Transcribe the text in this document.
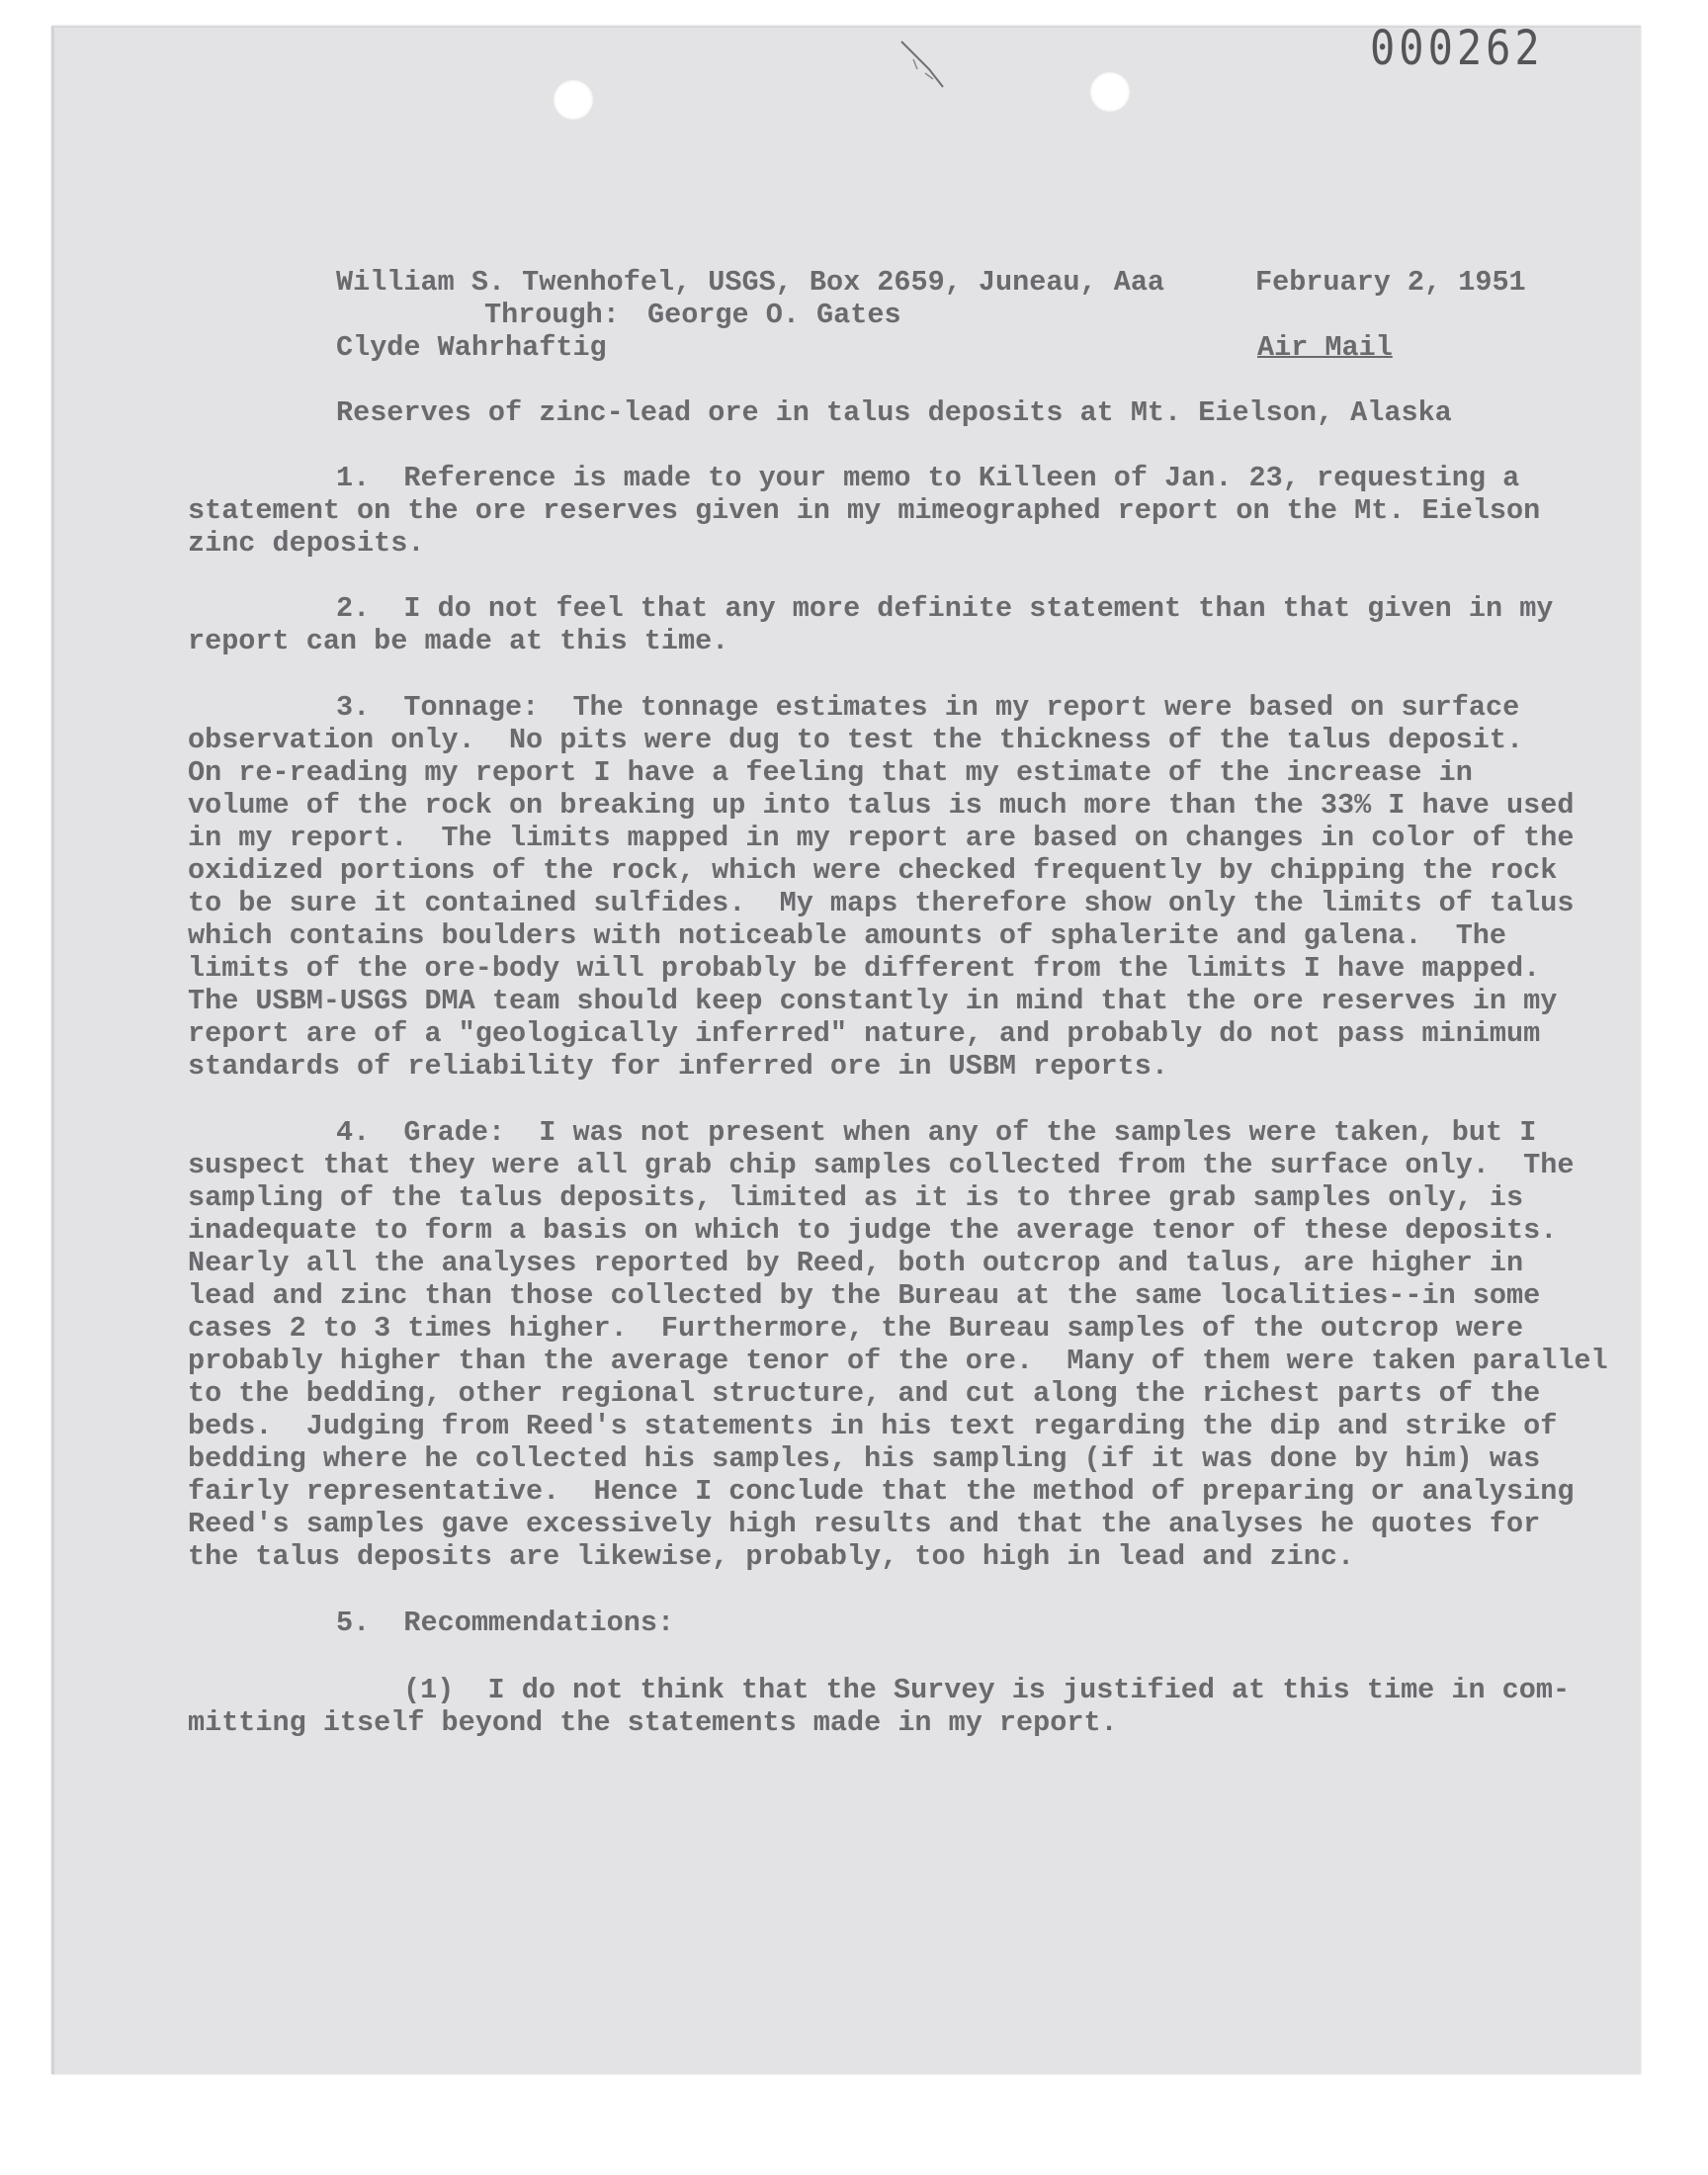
000262

William S. Twenhofel, USGS, Box 2659, Juneau, Aaa

	February 2, 1951

Through:

George O. Gates

Clyde Wahrhaftig

	Air Mail

Reserves of zinc-lead ore in talus deposits at Mt. Eielson, Alaska

1.  Reference is made to your memo to Killeen of Jan. 23, requesting a

statement on the ore reserves given in my mimeographed report on the Mt. Eielson

zinc deposits.

2.  I do not feel that any more definite statement than that given in my

report can be made at this time.

3.  Tonnage:  The tonnage estimates in my report were based on surface

observation only.  No pits were dug to test the thickness of the talus deposit.

On re-reading my report I have a feeling that my estimate of the increase in

volume of the rock on breaking up into talus is much more than the 33% I have used

in my report.  The limits mapped in my report are based on changes in color of the

oxidized portions of the rock, which were checked frequently by chipping the rock

to be sure it contained sulfides.  My maps therefore show only the limits of talus

which contains boulders with noticeable amounts of sphalerite and galena.  The

limits of the ore-body will probably be different from the limits I have mapped.

The USBM-USGS DMA team should keep constantly in mind that the ore reserves in my

report are of a "geologically inferred" nature, and probably do not pass minimum

standards of reliability for inferred ore in USBM reports.

4.  Grade:  I was not present when any of the samples were taken, but I

suspect that they were all grab chip samples collected from the surface only.  The

sampling of the talus deposits, limited as it is to three grab samples only, is

inadequate to form a basis on which to judge the average tenor of these deposits.

Nearly all the analyses reported by Reed, both outcrop and talus, are higher in

lead and zinc than those collected by the Bureau at the same localities--in some

cases 2 to 3 times higher.  Furthermore, the Bureau samples of the outcrop were

probably higher than the average tenor of the ore.  Many of them were taken parallel

to the bedding, other regional structure, and cut along the richest parts of the

beds.  Judging from Reed's statements in his text regarding the dip and strike of

bedding where he collected his samples, his sampling (if it was done by him) was

fairly representative.  Hence I conclude that the method of preparing or analysing

Reed's samples gave excessively high results and that the analyses he quotes for

the talus deposits are likewise, probably, too high in lead and zinc.

5.  Recommendations:

(1)  I do not think that the Survey is justified at this time in com-

mitting itself beyond the statements made in my report.
